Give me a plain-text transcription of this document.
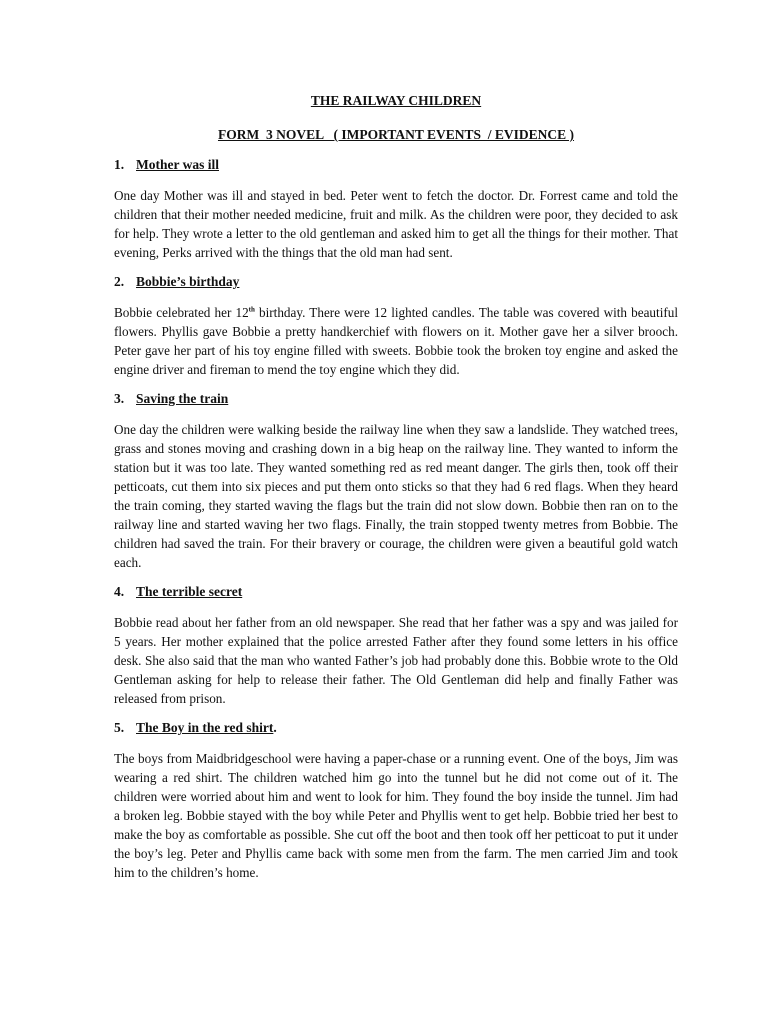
THE RAILWAY CHILDREN
FORM  3 NOVEL   ( IMPORTANT EVENTS  / EVIDENCE )
1. Mother was ill

One day Mother was ill and stayed in bed. Peter went to fetch the doctor. Dr. Forrest came and told the children that their mother needed medicine, fruit and milk. As the children were poor, they decided to ask for help. They wrote a letter to the old gentleman and asked him to get all the things for their mother. That evening, Perks arrived with the things that the old man had sent.

2. Bobbie’s birthday

Bobbie celebrated her 12th birthday. There were 12 lighted candles. The table was covered with beautiful flowers. Phyllis gave Bobbie a pretty handkerchief with flowers on it. Mother gave her a silver brooch. Peter gave her part of his toy engine filled with sweets. Bobbie took the broken toy engine and asked the engine driver and fireman to mend the toy engine which they did.

3. Saving the train

One day the children were walking beside the railway line when they saw a landslide. They watched trees, grass and stones moving and crashing down in a big heap on the railway line. They wanted to inform the station but it was too late. They wanted something red as red meant danger. The girls then, took off their petticoats, cut them into six pieces and put them onto sticks so that they had 6 red flags. When they heard the train coming, they started waving the flags but the train did not slow down. Bobbie then ran on to the railway line and started waving her two flags. Finally, the train stopped twenty metres from Bobbie. The children had saved the train. For their bravery or courage, the children were given a beautiful gold watch each.

4. The terrible secret

Bobbie read about her father from an old newspaper. She read that her father was a spy and was jailed for 5 years. Her mother explained that the police arrested Father after they found some letters in his office desk. She also said that the man who wanted Father’s job had probably done this. Bobbie wrote to the Old Gentleman asking for help to release their father. The Old Gentleman did help and finally Father was released from prison.

5. The Boy in the red shirt.

The boys from Maidbridgeschool were having a paper-chase or a running event. One of the boys, Jim was wearing a red shirt. The children watched him go into the tunnel but he did not come out of it. The children were worried about him and went to look for him. They found the boy inside the tunnel. Jim had a broken leg. Bobbie stayed with the boy while Peter and Phyllis went to get help. Bobbie tried her best to make the boy as comfortable as possible. She cut off the boot and then took off her petticoat to put it under the boy’s leg. Peter and Phyllis came back with some men from the farm. The men carried Jim and took him to the children’s home.
